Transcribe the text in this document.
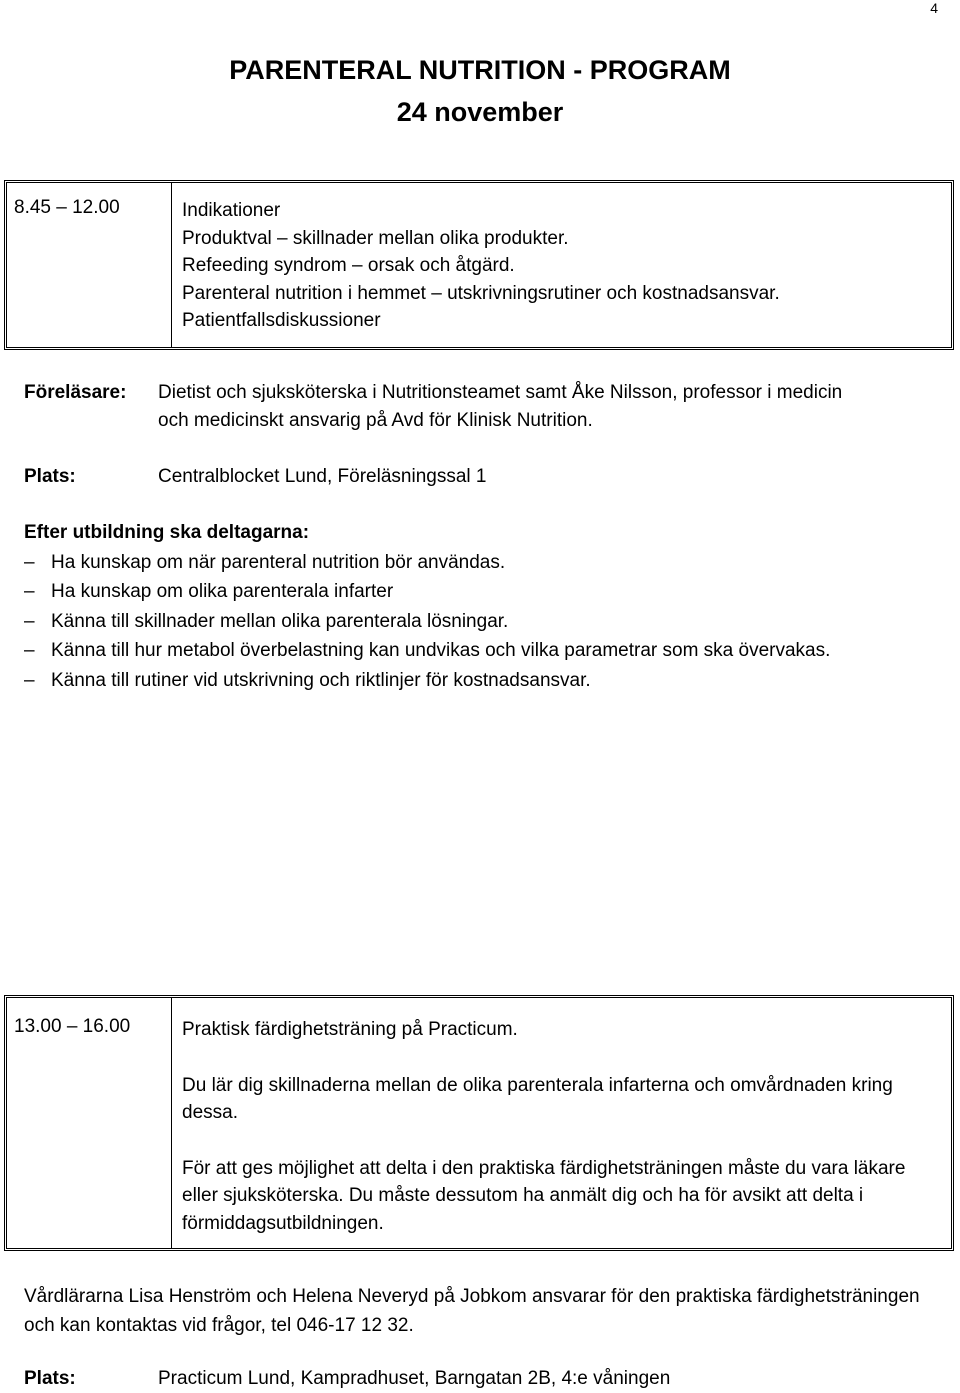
4
PARENTERAL NUTRITION - PROGRAM
24 november
8.45 – 12.00	Indikationer
Produktval – skillnader mellan olika produkter.
Refeeding syndrom – orsak och åtgärd.
Parenteral nutrition i hemmet – utskrivningsrutiner och kostnadsansvar.
Patientfallsdiskussioner
Föreläsare: Dietist och sjuksköterska i Nutritionsteamet samt Åke Nilsson, professor i medicin
och medicinskt ansvarig på Avd för Klinisk Nutrition.
Plats:	Centralblocket Lund, Föreläsningssal 1
Efter utbildning ska deltagarna:
– Ha kunskap om när parenteral nutrition bör användas.
– Ha kunskap om olika parenterala infarter
– Känna till skillnader mellan olika parenterala lösningar.
– Känna till hur metabol överbelastning kan undvikas och vilka parametrar som ska övervakas.
– Känna till rutiner vid utskrivning och riktlinjer för kostnadsansvar.
13.00 – 16.00	Praktisk färdighetsträning på Practicum.

Du lär dig skillnaderna mellan de olika parenterala infarterna och omvårdnaden kring dessa.

För att ges möjlighet att delta i den praktiska färdighetsträningen måste du vara läkare eller sjuksköterska. Du måste dessutom ha anmält dig och ha för avsikt att delta i förmiddagsutbildningen.

Vårdlärarna Lisa Henström och Helena Neveryd på Jobkom ansvarar för den praktiska färdighetsträningen och kan kontaktas vid frågor, tel 046-17 12 32.
Plats:	Practicum Lund, Kampradhuset, Barngatan 2B, 4:e våningen
